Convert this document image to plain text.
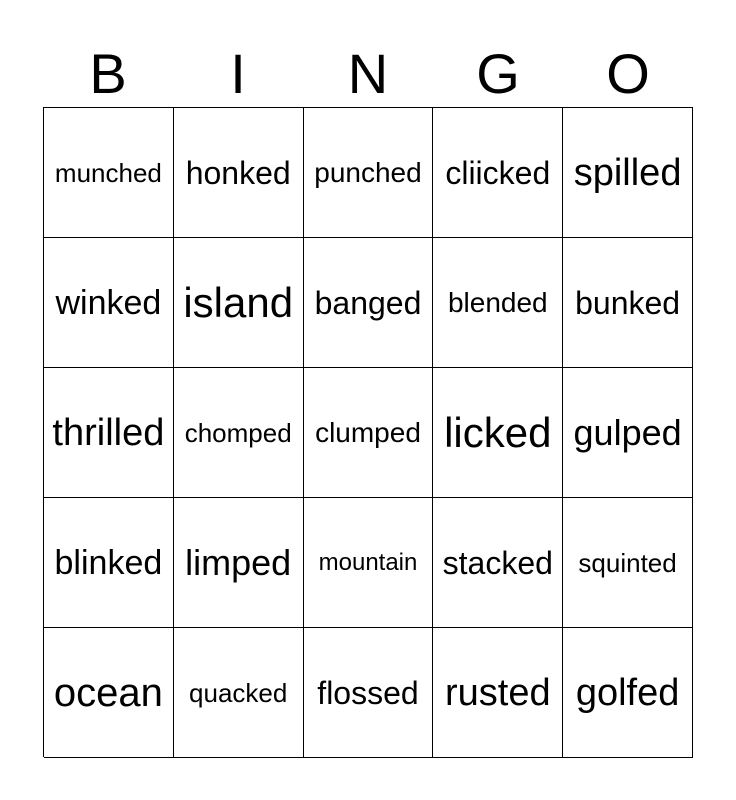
B	I	N	G	O
munched honked punched cliicked spilled
winked island banged blended bunked
thrilled chomped clumped licked gulped
blinked limped mountain stacked squinted
ocean quacked flossed rusted golfed
